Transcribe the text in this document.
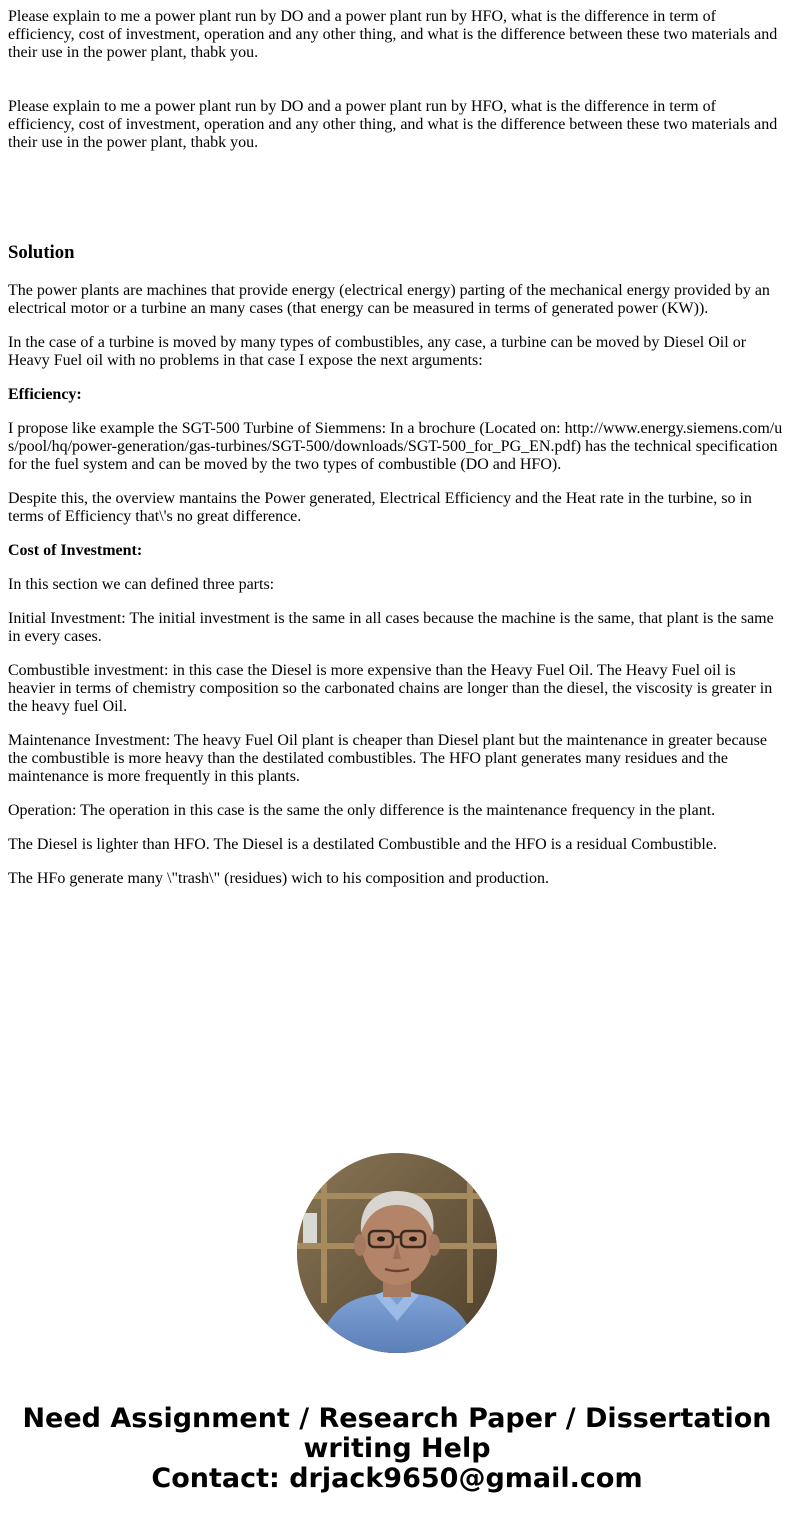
Please explain to me a power plant run by DO and a power plant run by HFO, what is the difference in term of efficiency, cost of investment, operation and any other thing, and what is the difference between these two materials and their use in the power plant, thabk you.

Please explain to me a power plant run by DO and a power plant run by HFO, what is the difference in term of efficiency, cost of investment, operation and any other thing, and what is the difference between these two materials and their use in the power plant, thabk you.

Solution

The power plants are machines that provide energy (electrical energy) parting of the mechanical energy provided by an electrical motor or a turbine an many cases (that energy can be measured in terms of generated power (KW)).

In the case of a turbine is moved by many types of combustibles, any case, a turbine can be moved by Diesel Oil or Heavy Fuel oil with no problems in that case I expose the next arguments:

Efficiency:

I propose like example the SGT-500 Turbine of Siemmens: In a brochure (Located on: http://www.energy.siemens.com/us/pool/hq/power-generation/gas-turbines/SGT-500/downloads/SGT-500_for_PG_EN.pdf) has the technical specification for the fuel system and can be moved by the two types of combustible (DO and HFO).

Despite this, the overview mantains the Power generated, Electrical Efficiency and the Heat rate in the turbine, so in terms of Efficiency that\'s no great difference.

Cost of Investment:

In this section we can defined three parts:

Initial Investment: The initial investment is the same in all cases because the machine is the same, that plant is the same in every cases.

Combustible investment: in this case the Diesel is more expensive than the Heavy Fuel Oil. The Heavy Fuel oil is heavier in terms of chemistry composition so the carbonated chains are longer than the diesel, the viscosity is greater in the heavy fuel Oil.

Maintenance Investment: The heavy Fuel Oil plant is cheaper than Diesel plant but the maintenance in greater because the combustible is more heavy than the destilated combustibles. The HFO plant generates many residues and the maintenance is more frequently in this plants.

Operation: The operation in this case is the same the only difference is the maintenance frequency in the plant.

The Diesel is lighter than HFO. The Diesel is a destilated Combustible and the HFO is a residual Combustible.

The HFo generate many \"trash\" (residues) wich to his composition and production.

Need Assignment / Research Paper / Dissertation writing Help
Contact: drjack9650@gmail.com
